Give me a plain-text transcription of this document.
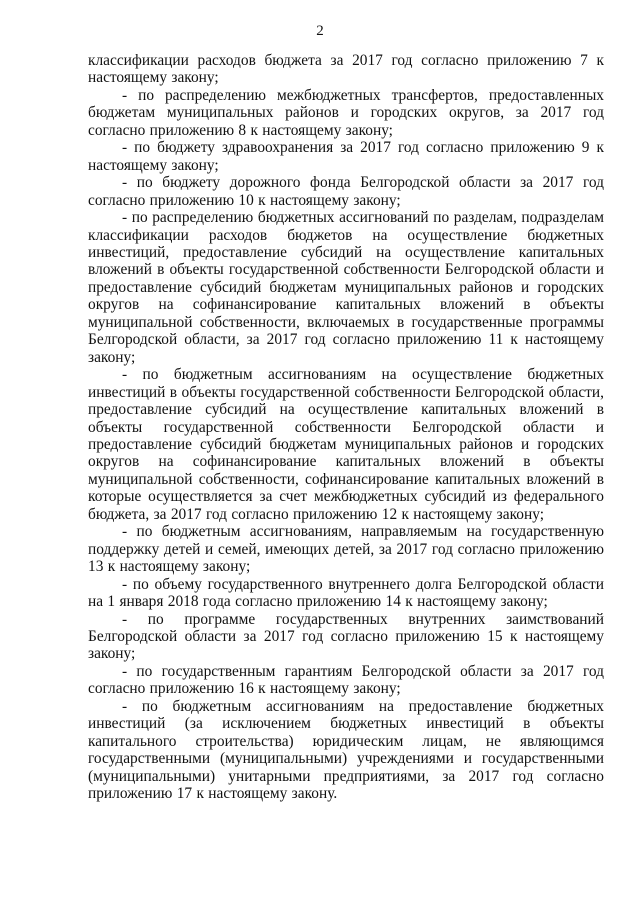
2

классификации расходов бюджета за 2017 год согласно приложению 7 к настоящему закону;

- по распределению межбюджетных трансфертов, предоставленных бюджетам муниципальных районов и городских округов, за 2017 год согласно приложению 8 к настоящему закону;

- по бюджету здравоохранения за 2017 год согласно приложению 9 к настоящему закону;

- по бюджету дорожного фонда Белгородской области за 2017 год согласно приложению 10 к настоящему закону;

- по распределению бюджетных ассигнований по разделам, подразделам классификации расходов бюджетов на осуществление бюджетных инвестиций, предоставление субсидий на осуществление капитальных вложений в объекты государственной собственности Белгородской области и предоставление субсидий бюджетам муниципальных районов и городских округов на софинансирование капитальных вложений в объекты муниципальной собственности, включаемых в государственные программы Белгородской области, за 2017 год согласно приложению 11 к настоящему закону;

- по бюджетным ассигнованиям на осуществление бюджетных инвестиций в объекты государственной собственности Белгородской области, предоставление субсидий на осуществление капитальных вложений в объекты государственной собственности Белгородской области и предоставление субсидий бюджетам муниципальных районов и городских округов на софинансирование капитальных вложений в объекты муниципальной собственности, софинансирование капитальных вложений в которые осуществляется за счет межбюджетных субсидий из федерального бюджета, за 2017 год согласно приложению 12 к настоящему закону;

- по бюджетным ассигнованиям, направляемым на государственную поддержку детей и семей, имеющих детей, за 2017 год согласно приложению 13 к настоящему закону;

- по объему государственного внутреннего долга Белгородской области на 1 января 2018 года согласно приложению 14 к настоящему закону;

- по программе государственных внутренних заимствований Белгородской области за 2017 год согласно приложению 15 к настоящему закону;

- по государственным гарантиям Белгородской области за 2017 год согласно приложению 16 к настоящему закону;

- по бюджетным ассигнованиям на предоставление бюджетных инвестиций (за исключением бюджетных инвестиций в объекты капитального строительства) юридическим лицам, не являющимся государственными (муниципальными) учреждениями и государственными (муниципальными) унитарными предприятиями, за 2017 год согласно приложению 17 к настоящему закону.
